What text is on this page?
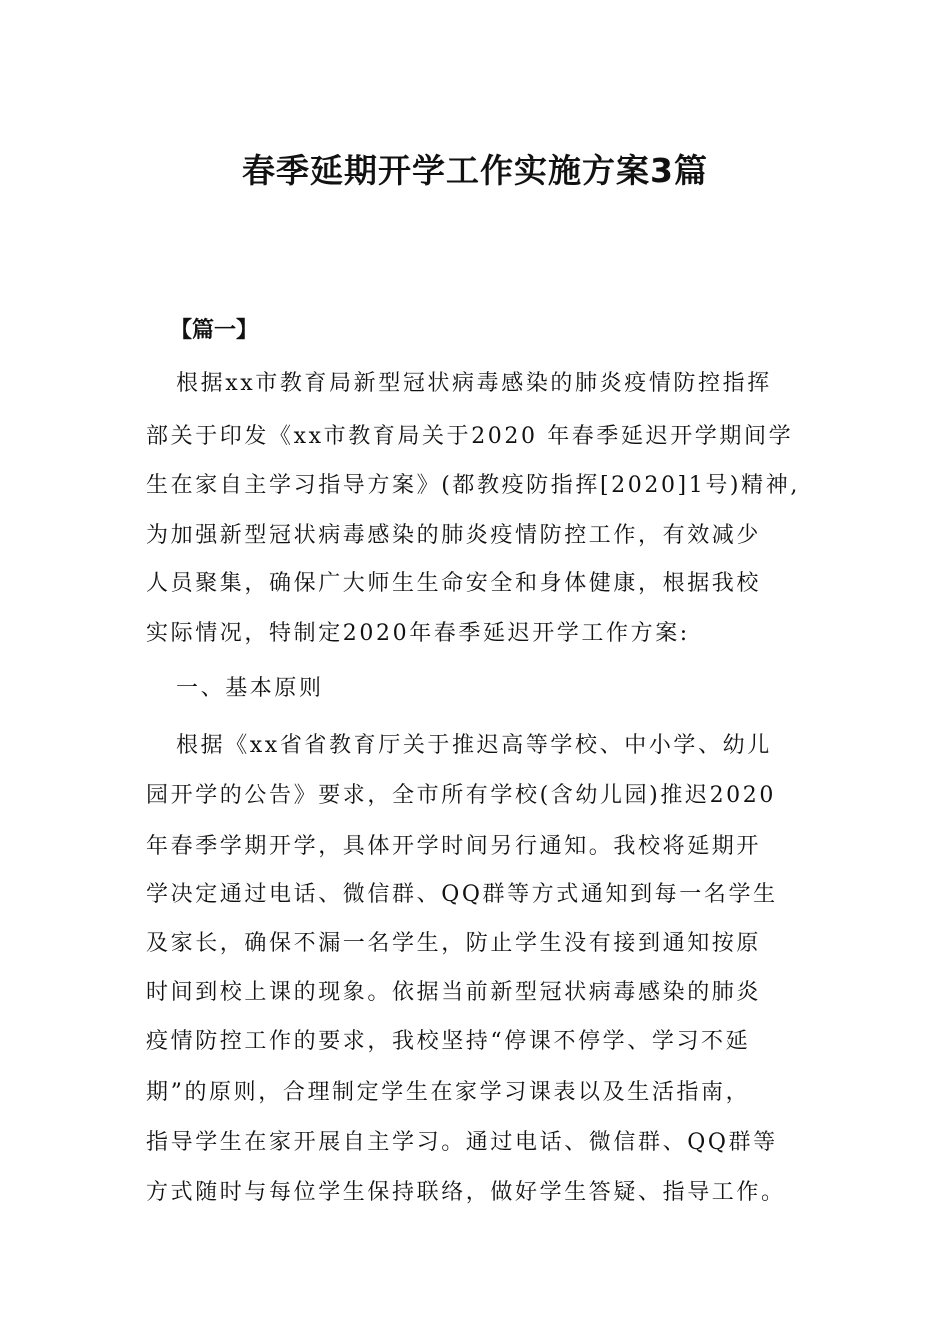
春季延期开学工作实施方案3篇

【篇一】

根据xx市教育局新型冠状病毒感染的肺炎疫情防控指挥

部关于印发《xx市教育局关于2020 年春季延迟开学期间学

生在家自主学习指导方案》(都教疫防指挥[2020]1号)精神,

为加强新型冠状病毒感染的肺炎疫情防控工作，有效减少

人员聚集，确保广大师生生命安全和身体健康，根据我校

实际情况，特制定2020年春季延迟开学工作方案:

一、基本原则

根据《xx省省教育厅关于推迟高等学校、中小学、幼儿

园开学的公告》要求，全市所有学校(含幼儿园)推迟2020

年春季学期开学，具体开学时间另行通知。我校将延期开

学决定通过电话、微信群、QQ群等方式通知到每一名学生

及家长，确保不漏一名学生，防止学生没有接到通知按原

时间到校上课的现象。依据当前新型冠状病毒感染的肺炎

疫情防控工作的要求，我校坚持“停课不停学、学习不延

期”的原则，合理制定学生在家学习课表以及生活指南，

指导学生在家开展自主学习。通过电话、微信群、QQ群等

方式随时与每位学生保持联络，做好学生答疑、指导工作。
